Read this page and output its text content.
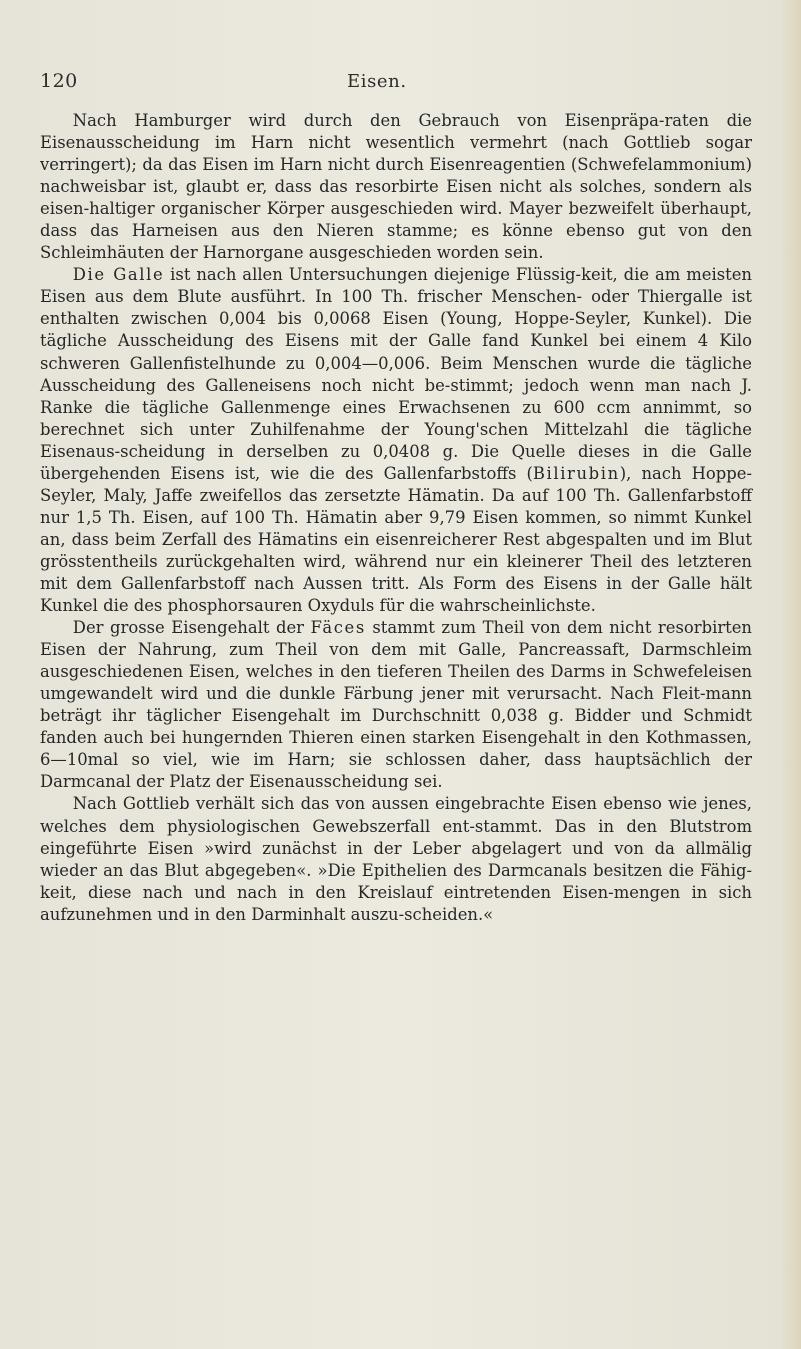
120	Eisen.

Nach Hamburger wird durch den Gebrauch von Eisenpräpa-raten die Eisenausscheidung im Harn nicht wesentlich vermehrt (nach Gottlieb sogar verringert); da das Eisen im Harn nicht durch Eisenreagentien (Schwefelammonium) nachweisbar ist, glaubt er, dass das resorbirte Eisen nicht als solches, sondern als eisen-haltiger organischer Körper ausgeschieden wird. Mayer bezweifelt überhaupt, dass das Harneisen aus den Nieren stamme; es könne ebenso gut von den Schleimhäuten der Harnorgane ausgeschieden worden sein.

Die Galle ist nach allen Untersuchungen diejenige Flüssig-keit, die am meisten Eisen aus dem Blute ausführt. In 100 Th. frischer Menschen- oder Thiergalle ist enthalten zwischen 0,004 bis 0,0068 Eisen (Young, Hoppe-Seyler, Kunkel). Die tägliche Ausscheidung des Eisens mit der Galle fand Kunkel bei einem 4 Kilo schweren Gallenfistelhunde zu 0,004—0,006. Beim Menschen wurde die tägliche Ausscheidung des Galleneisens noch nicht be-stimmt; jedoch wenn man nach J. Ranke die tägliche Gallenmenge eines Erwachsenen zu 600 ccm annimmt, so berechnet sich unter Zuhilfenahme der Young'schen Mittelzahl die tägliche Eisenaus-scheidung in derselben zu 0,0408 g. Die Quelle dieses in die Galle übergehenden Eisens ist, wie die des Gallenfarbstoffs (Bilirubin), nach Hoppe-Seyler, Maly, Jaffe zweifellos das zersetzte Hämatin. Da auf 100 Th. Gallenfarbstoff nur 1,5 Th. Eisen, auf 100 Th. Hämatin aber 9,79 Eisen kommen, so nimmt Kunkel an, dass beim Zerfall des Hämatins ein eisenreicherer Rest abgespalten und im Blut grösstentheils zurückgehalten wird, während nur ein kleinerer Theil des letzteren mit dem Gallenfarbstoff nach Aussen tritt. Als Form des Eisens in der Galle hält Kunkel die des phosphorsauren Oxyduls für die wahrscheinlichste.

Der grosse Eisengehalt der Fäces stammt zum Theil von dem nicht resorbirten Eisen der Nahrung, zum Theil von dem mit Galle, Pancreassaft, Darmschleim ausgeschiedenen Eisen, welches in den tieferen Theilen des Darms in Schwefeleisen umgewandelt wird und die dunkle Färbung jener mit verursacht. Nach Fleit-mann beträgt ihr täglicher Eisengehalt im Durchschnitt 0,038 g. Bidder und Schmidt fanden auch bei hungernden Thieren einen starken Eisengehalt in den Kothmassen, 6—10mal so viel, wie im Harn; sie schlossen daher, dass hauptsächlich der Darmcanal der Platz der Eisenausscheidung sei.

Nach Gottlieb verhält sich das von aussen eingebrachte Eisen ebenso wie jenes, welches dem physiologischen Gewebszerfall ent-stammt. Das in den Blutstrom eingeführte Eisen »wird zunächst in der Leber abgelagert und von da allmälig wieder an das Blut abgegeben«. »Die Epithelien des Darmcanals besitzen die Fähig-keit, diese nach und nach in den Kreislauf eintretenden Eisen-mengen in sich aufzunehmen und in den Darminhalt auszu-scheiden.«
